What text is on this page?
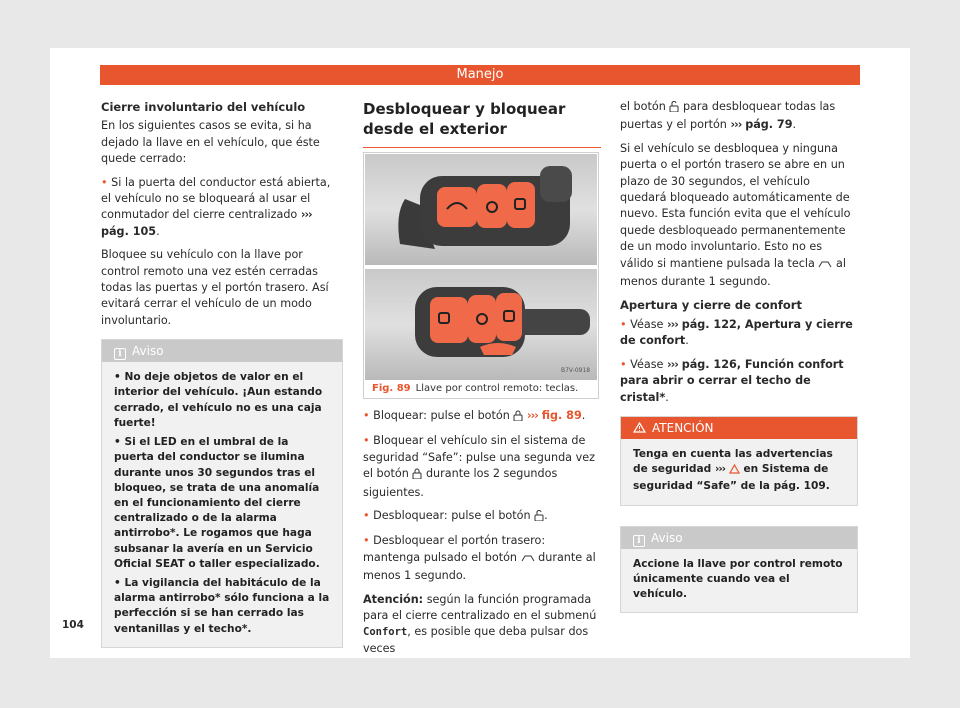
Manejo
Cierre involuntario del vehículo

En los siguientes casos se evita, si ha dejado la llave en el vehículo, que éste quede cerrado:

• Si la puerta del conductor está abierta, el vehículo no se bloqueará al usar el conmutador del cierre centralizado ››› pág. 105.

Bloquee su vehículo con la llave por control remoto una vez estén cerradas todas las puertas y el portón trasero. Así evitará cerrar el vehículo de un modo involuntario.

i Aviso

• No deje objetos de valor en el interior del vehículo. ¡Aun estando cerrado, el vehículo no es una caja fuerte!

• Si el LED en el umbral de la puerta del conductor se ilumina durante unos 30 segundos tras el bloqueo, se trata de una anomalía en el funcionamiento del cierre centralizado o de la alarma antirrobo*. Le rogamos que haga subsanar la avería en un Servicio Oficial SEAT o taller especializado.

• La vigilancia del habitáculo de la alarma antirrobo* sólo funciona a la perfección si se han cerrado las ventanillas y el techo*.

Desbloquear y bloquear desde el exterior
B7V-0918
Fig. 89 Llave por control remoto: teclas.

• Bloquear: pulse el botón ››› fig. 89.

• Bloquear el vehículo sin el sistema de seguridad “Safe”: pulse una segunda vez el botón durante los 2 segundos siguientes.

• Desbloquear: pulse el botón .

• Desbloquear el portón trasero: mantenga pulsado el botón durante al menos 1 segundo.

Atención: según la función programada para el cierre centralizado en el submenú Confort, es posible que deba pulsar dos veces

el botón para desbloquear todas las puertas y el portón ››› pág. 79.

Si el vehículo se desbloquea y ninguna puerta o el portón trasero se abre en un plazo de 30 segundos, el vehículo quedará bloqueado automáticamente de nuevo. Esta función evita que el vehículo quede desbloqueado permanentemente de un modo involuntario. Esto no es válido si mantiene pulsada la tecla al menos durante 1 segundo.

Apertura y cierre de confort

• Véase ››› pág. 122, Apertura y cierre de confort.

• Véase ››› pág. 126, Función confort para abrir o cerrar el techo de cristal*.

ATENCIÓN

Tenga en cuenta las advertencias de seguridad ››› en Sistema de seguridad “Safe” de la pág. 109.

i Aviso

Accione la llave por control remoto únicamente cuando vea el vehículo.

104
